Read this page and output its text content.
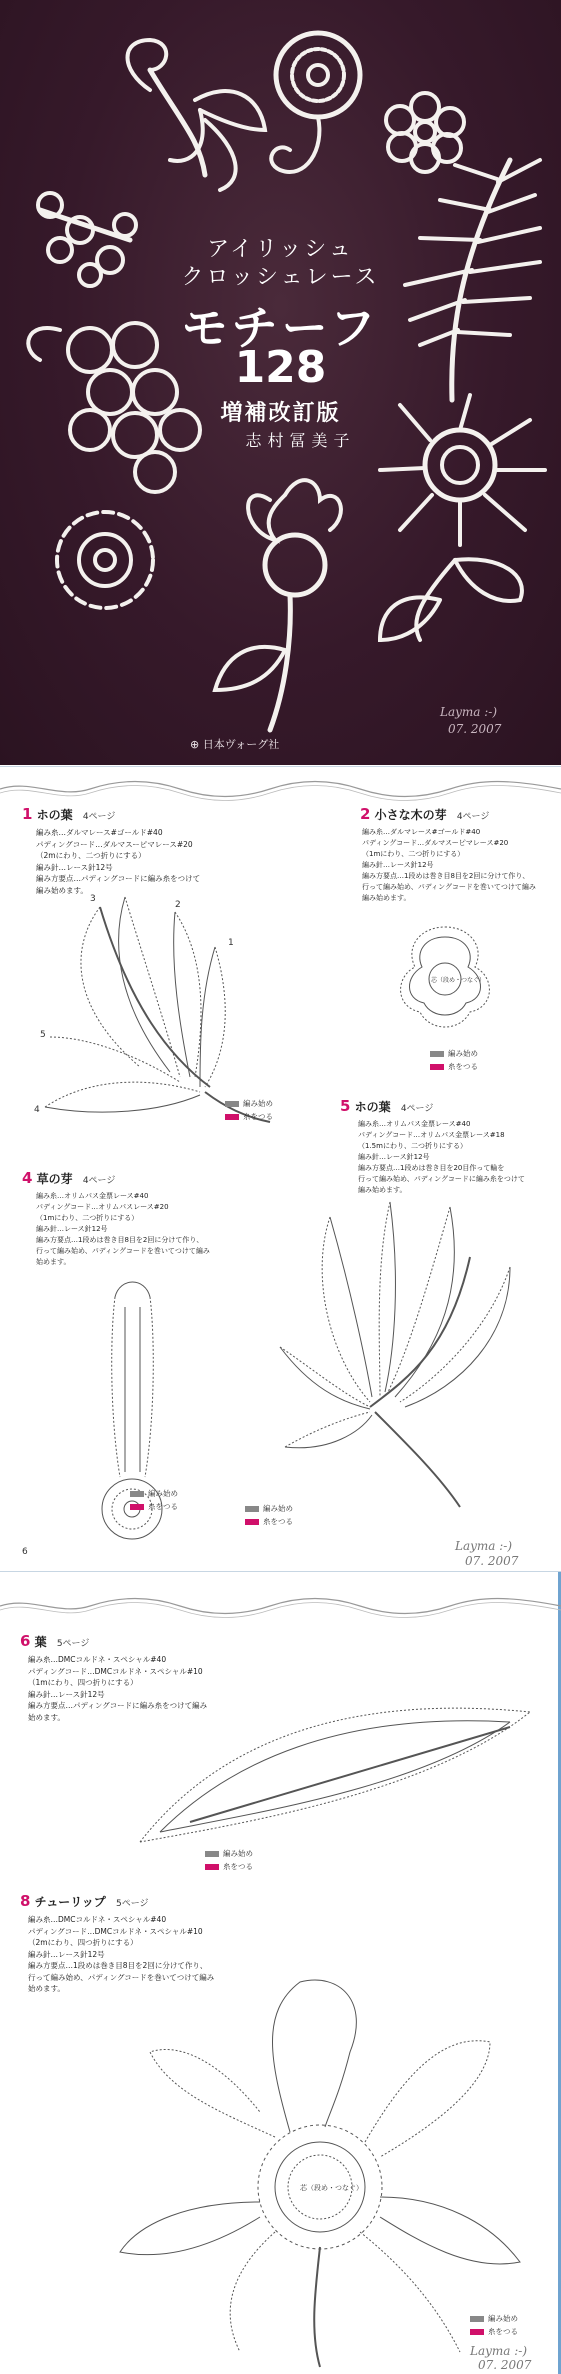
アイリッシュ
クロッシェレース
モチーフ
128
増補改訂版
志村冨美子
⊕ 日本ヴォーグ社
Layma :-)
07. 2007
1 ホの葉 4ページ
編み糸…ダルマレース#ゴールド#40
パディングコード…ダルマスーピマレース#20
（2mにわり、二つ折りにする）
編み針…レース針12号
編み方要点…パディングコードに編み糸をつけて
編み始めます。
3
2
1
4
5
編み始め
糸をつる
2 小さな木の芽 4ページ
編み糸…ダルマレース#ゴールド#40
パディングコード…ダルマスーピマレース#20
（1mにわり、二つ折りにする）
編み針…レース針12号
編み方要点…1段めは巻き目8目を2回に分けて作り、
行って編み始め、パディングコードを巻いてつけて編み
編み始めます。
芯（段め・つなぐ）
編み始め
糸をつる
5 ホの葉 4ページ
編み糸…オリムパス金票レース#40
パディングコード…オリムパス金票レース#18
（1.5mにわり、二つ折りにする）
編み針…レース針12号
編み方要点…1段めは巻き目を20目作って輪を
行って編み始め、パディングコードに編み糸をつけて
編み始めます。
編み始め
糸をつる
4 草の芽 4ページ
編み糸…オリムパス金票レース#40
パディングコード…オリムパスレース#20
（1mにわり、二つ折りにする）
編み針…レース針12号
編み方要点…1段めは巻き目8目を2回に分けて作り、
行って編み始め、パディングコードを巻いてつけて編み
始めます。
編み始め
糸をつる
6	Layma :-)
07. 2007
6 葉 5ページ
編み糸…DMCコルドネ・スペシャル#40
パディングコード…DMCコルドネ・スペシャル#10
（1mにわり、四つ折りにする）
編み針…レース針12号
編み方要点…パディングコードに編み糸をつけて編み
始めます。
編み始め
糸をつる
8 チューリップ 5ページ
編み糸…DMCコルドネ・スペシャル#40
パディングコード…DMCコルドネ・スペシャル#10
（2mにわり、四つ折りにする）
編み針…レース針12号
編み方要点…1段めは巻き目8目を2回に分けて作り、
行って編み始め、パディングコードを巻いてつけて編み
始めます。
芯（段め・つなぐ）
編み始め
糸をつる
Layma :-)
07. 2007
